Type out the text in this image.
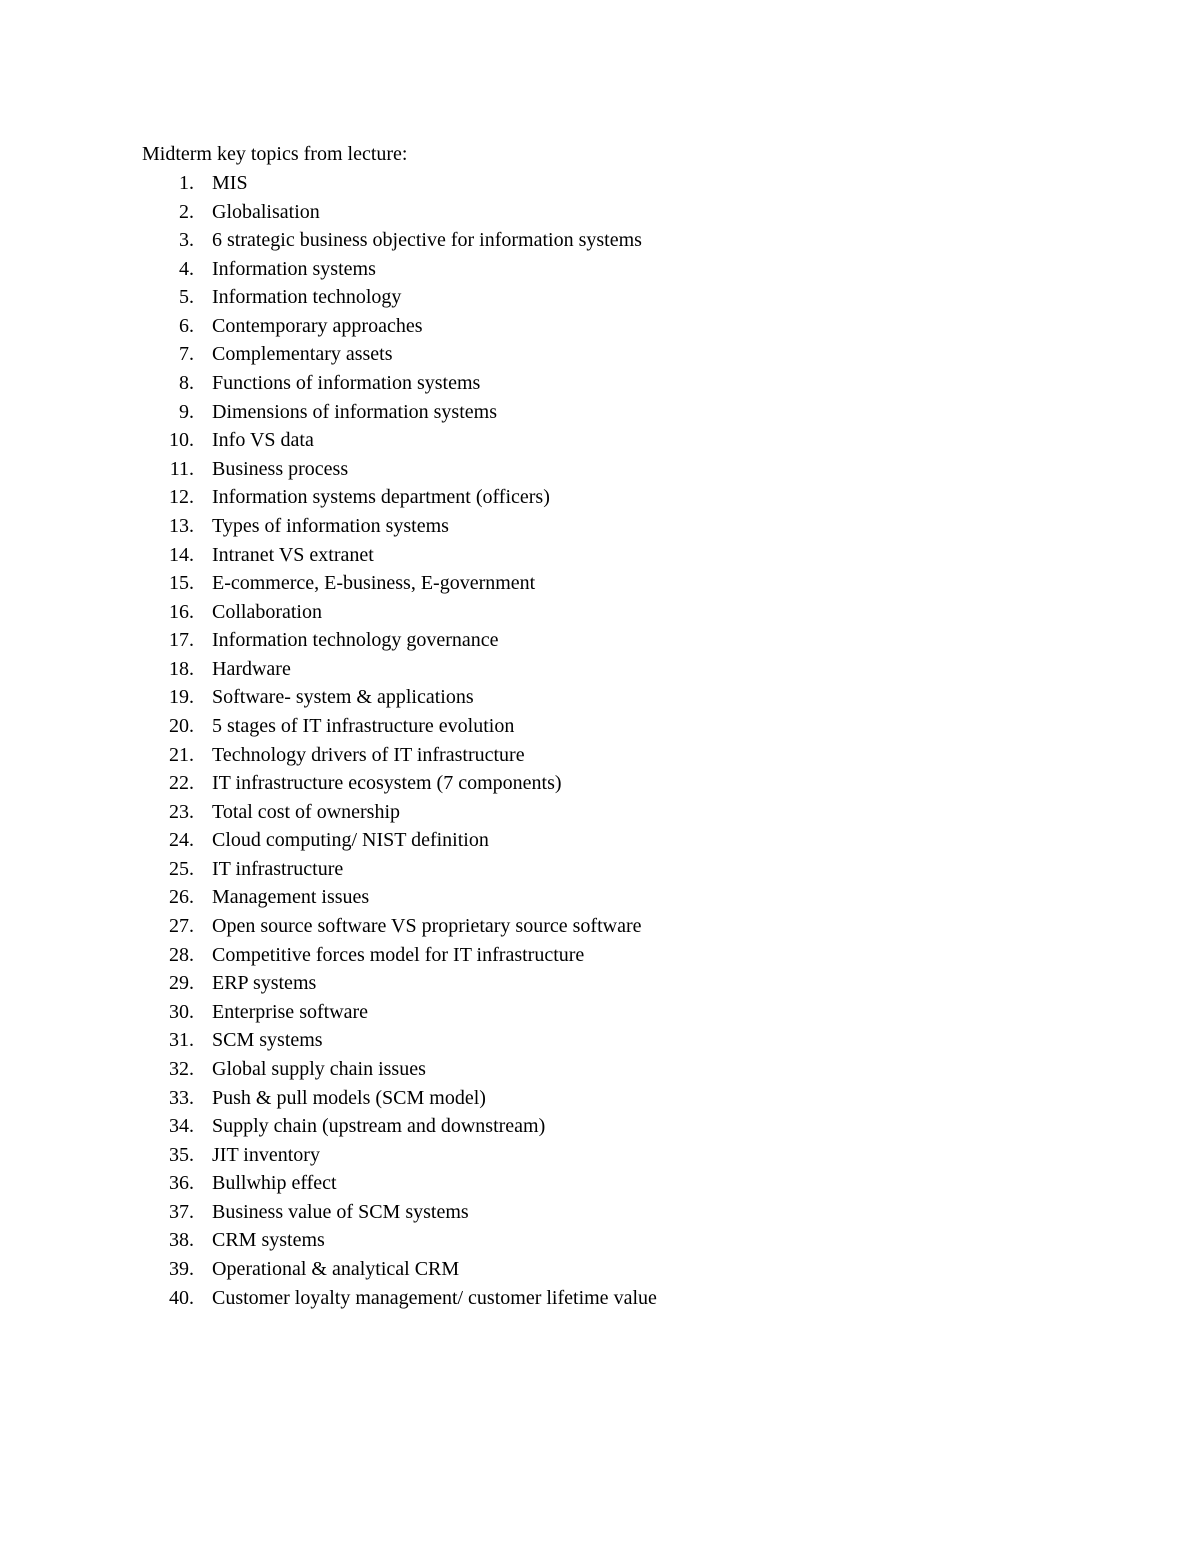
Midterm key topics from lecture:
1. MIS
2. Globalisation
3. 6 strategic business objective for information systems
4. Information systems
5. Information technology
6. Contemporary approaches
7. Complementary assets
8. Functions of information systems
9. Dimensions of information systems
10. Info VS data
11. Business process
12. Information systems department (officers)
13. Types of information systems
14. Intranet VS extranet
15. E-commerce, E-business, E-government
16. Collaboration
17. Information technology governance
18. Hardware
19. Software- system & applications
20. 5 stages of IT infrastructure evolution
21. Technology drivers of IT infrastructure
22. IT infrastructure ecosystem (7 components)
23. Total cost of ownership
24. Cloud computing/ NIST definition
25. IT infrastructure
26. Management issues
27. Open source software VS proprietary source software
28. Competitive forces model for IT infrastructure
29. ERP systems
30. Enterprise software
31. SCM systems
32. Global supply chain issues
33. Push & pull models (SCM model)
34. Supply chain (upstream and downstream)
35. JIT inventory
36. Bullwhip effect
37. Business value of SCM systems
38. CRM systems
39. Operational & analytical CRM
40. Customer loyalty management/ customer lifetime value
